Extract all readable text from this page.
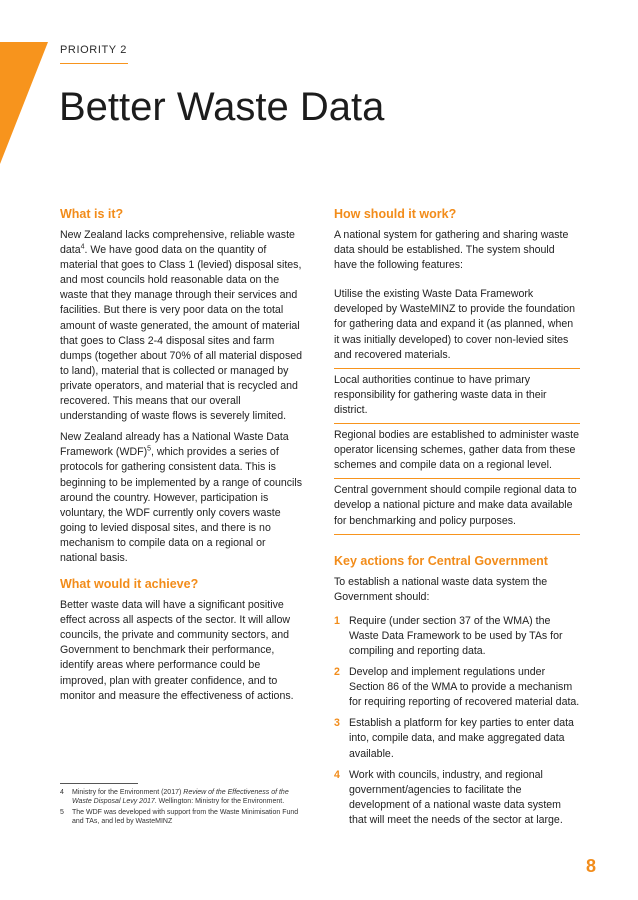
PRIORITY 2
Better Waste Data
What is it?

New Zealand lacks comprehensive, reliable waste data$^4$. We have good data on the quantity of material that goes to Class 1 (levied) disposal sites, and most councils hold reasonable data on the waste that they manage through their services and facilities. But there is very poor data on the total amount of waste generated, the amount of material that goes to Class 2-4 disposal sites and farm dumps (together about 70% of all material disposed to land), material that is collected or managed by private operators, and material that is recycled and recovered. This means that our overall understanding of waste flows is severely limited.

New Zealand already has a National Waste Data Framework (WDF)$^5$, which provides a series of protocols for gathering consistent data. This is beginning to be implemented by a range of councils around the country. However, participation is voluntary, the WDF currently only covers waste going to levied disposal sites, and there is no mechanism to compile data on a regional or national basis.

What would it achieve?

Better waste data will have a significant positive effect across all aspects of the sector. It will allow councils, the private and community sectors, and Government to benchmark their performance, identify areas where performance could be improved, plan with greater confidence, and to monitor and measure the effectiveness of actions.

How should it work?

A national system for gathering and sharing waste data should be established. The system should have the following features:

Utilise the existing Waste Data Framework developed by WasteMINZ to provide the foundation for gathering data and expand it (as planned, when it was initially developed) to cover non-levied sites and recovered materials.
Local authorities continue to have primary responsibility for gathering waste data in their district.
Regional bodies are established to administer waste operator licensing schemes, gather data from these schemes and compile data on a regional level.
Central government should compile regional data to develop a national picture and make data available for benchmarking and policy purposes.
Key actions for Central Government

To establish a national waste data system the Government should:

1 Require (under section 37 of the WMA) the Waste Data Framework to be used by TAs for compiling and reporting data.
2 Develop and implement regulations under Section 86 of the WMA to provide a mechanism for requiring reporting of recovered material data.
3 Establish a platform for key parties to enter data into, compile data, and make aggregated data available.
4 Work with councils, industry, and regional government/agencies to facilitate the development of a national waste data system that will meet the needs of the sector at large.
4 Ministry for the Environment (2017) Review of the Effectiveness of the Waste Disposal Levy 2017. Wellington: Ministry for the Environment.
5 The WDF was developed with support from the Waste Minimisation Fund and TAs, and led by WasteMINZ
8
